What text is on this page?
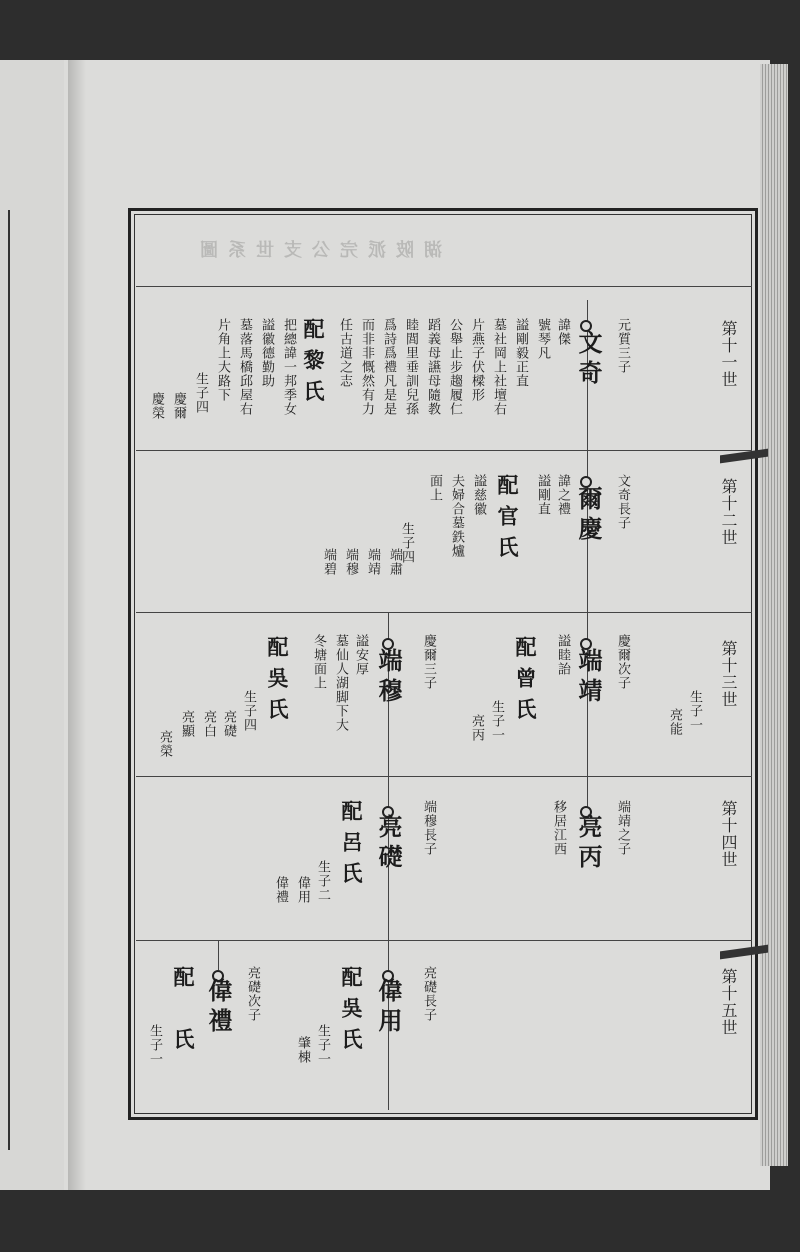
湖陂派完公支世系圖
第十一世
第十二世
第十三世
第十四世
第十五世
元質三子
文奇
諱傑
號琴凡
謚剛毅正直
墓社岡上社壇右
片燕子伏樑形
公舉止步趨履仁
蹈義母讌母隨教
睦閭里垂訓兒孫
爲詩爲禮凡是是
而非非慨然有力
任古道之志
配黎氏
把總諱一邦季女
謚徽德勤助
墓落馬橋邱屋右
片角上大路下
生子四
慶爾
慶榮
文奇長子
爾慶
諱之禮
謚剛直
配官氏
謚慈徽
夫婦合墓鉄爐
面上
生子四
端肅
端靖
端穆
端碧
慶爾次子
端靖
謚睦詒
配曾氏
生子一
亮丙	生子一
亮能
慶爾三子
端穆
謚安厚
墓仙人湖脚下大
冬塘面上
配吳氏
生子四
亮礎
亮白
亮顯
亮榮
端靖之子
亮丙
移居江西
端穆長子
亮礎
配呂氏
生子二
偉用
偉禮
亮礎長子
偉用
配吳氏
生子一
肇棟
亮礎次子
偉禮
配　氏
生子一
